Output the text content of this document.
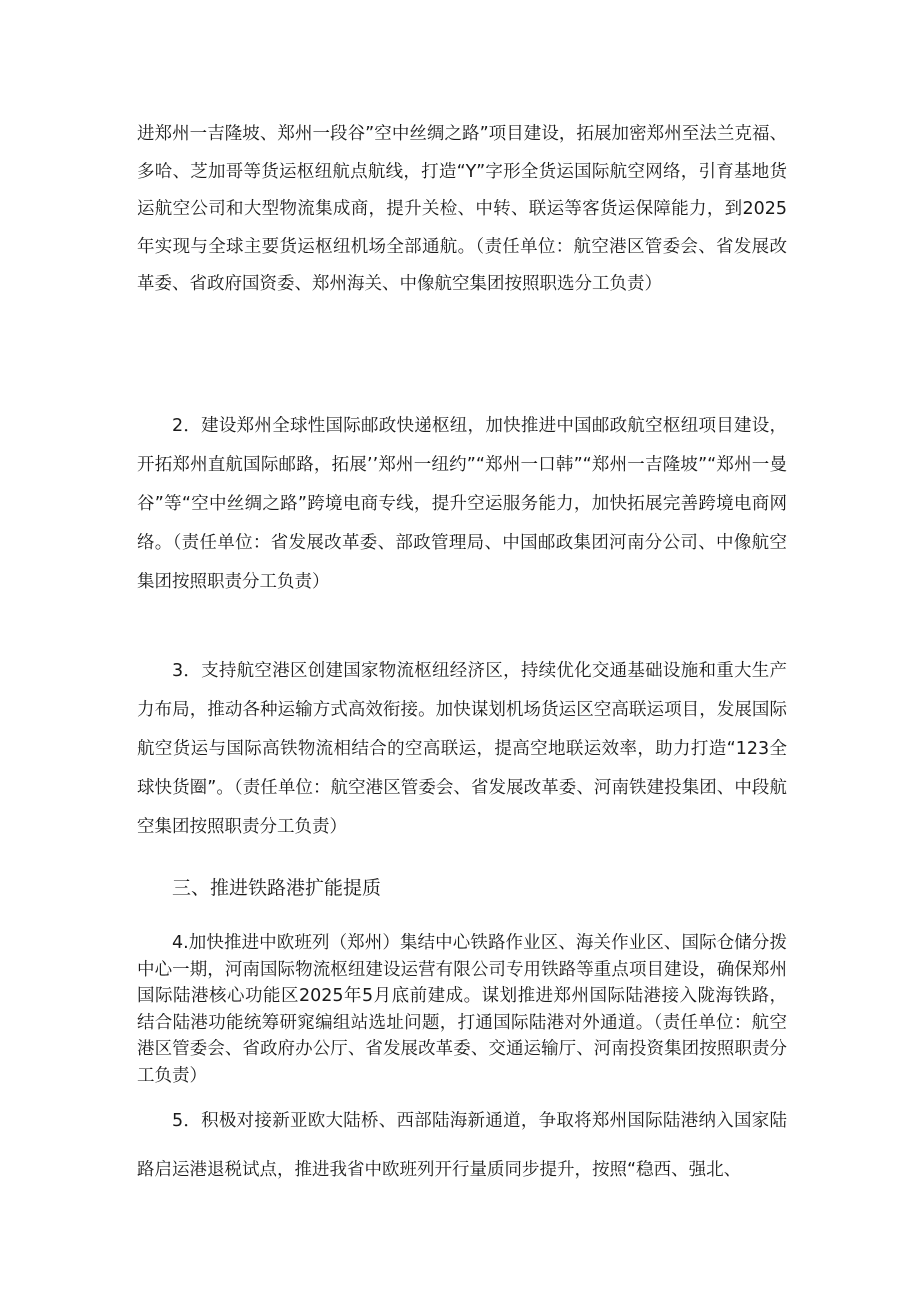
进郑州一吉隆坡、郑州一段谷”空中丝绸之路”项目建设，拓展加密郑州至法兰克福、多哈、芝加哥等货运枢纽航点航线，打造“Y”字形全货运国际航空网络，引育基地货运航空公司和大型物流集成商，提升关检、中转、联运等客货运保障能力，到2025年实现与全球主要货运枢纽机场全部通航。（责任单位：航空港区管委会、省发展改革委、省政府国资委、郑州海关、中像航空集团按照职选分工负责）

2．建设郑州全球性国际邮政快递枢纽，加快推进中国邮政航空枢纽项目建设，开拓郑州直航国际邮路，拓展’’郑州一纽约”“郑州一口韩”“郑州一吉隆坡”“郑州一曼谷”等“空中丝绸之路”跨境电商专线，提升空运服务能力，加快拓展完善跨境电商网络。（责任单位：省发展改革委、部政管理局、中国邮政集团河南分公司、中像航空集团按照职责分工负责）

3．支持航空港区创建国家物流枢纽经济区，持续优化交通基础设施和重大生产力布局，推动各种运输方式高效衔接。加快谋划机场货运区空高联运项目，发展国际航空货运与国际高铁物流相结合的空高联运，提高空地联运效率，助力打造“123全球快货圈”。（责任单位：航空港区管委会、省发展改革委、河南铁建投集团、中段航空集团按照职责分工负责）

三、推进铁路港扩能提质

4.加快推进中欧班列（郑州）集结中心铁路作业区、海关作业区、国际仓储分拨中心一期，河南国际物流枢纽建设运营有限公司专用铁路等重点项目建设，确保郑州国际陆港核心功能区2025年5月底前建成。谋划推进郑州国际陆港接入陇海铁路，结合陆港功能统筹研窕编组站选址问题，打通国际陆港对外通道。（责任单位：航空港区管委会、省政府办公厅、省发展改革委、交通运输厅、河南投资集团按照职责分工负责）

5．积极对接新亚欧大陆桥、西部陆海新通道，争取将郑州国际陆港纳入国家陆路启运港退税试点，推进我省中欧班列开行量质同步提升，按照“稳西、强北、
